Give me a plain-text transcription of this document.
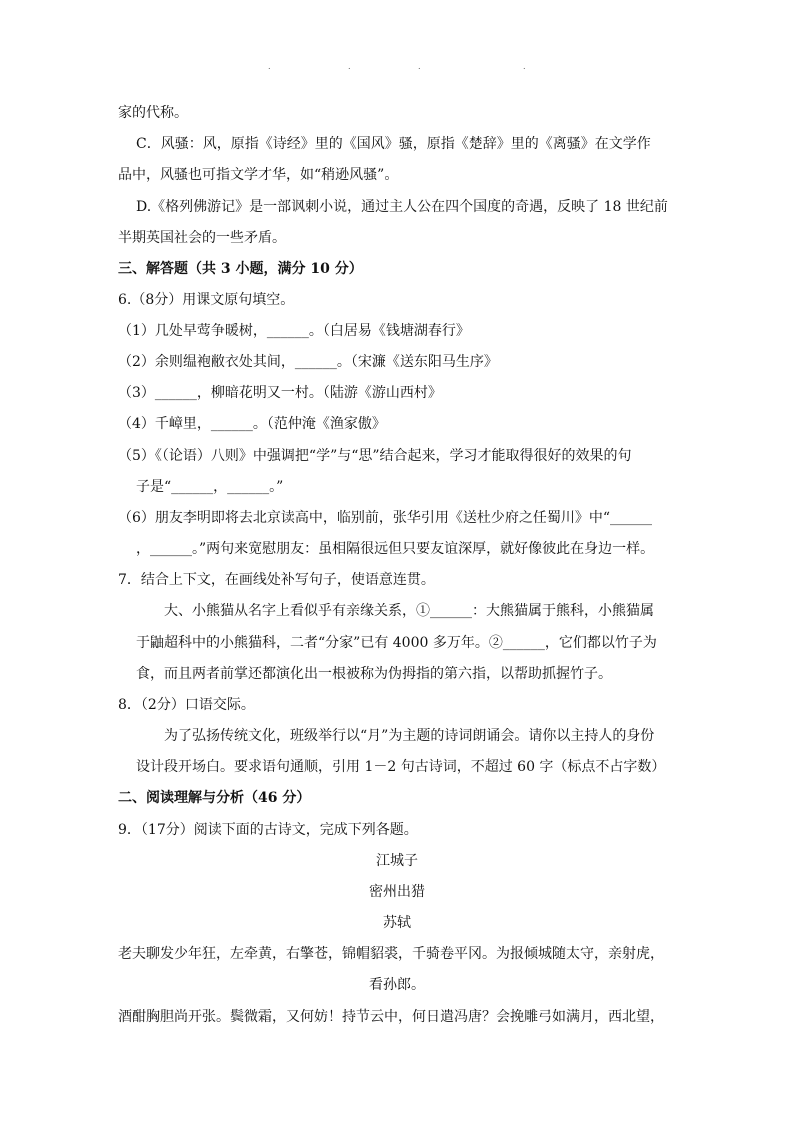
.	.	.	.
家的代称。
C．风骚：风，原指《诗经》里的《国风》骚，原指《楚辞》里的《离骚》在文学作
品中，风骚也可指文学才华，如“稍逊风骚”。
D.《格列佛游记》是一部讽刺小说，通过主人公在四个国度的奇遇，反映了 18 世纪前
半期英国社会的一些矛盾。
三、解答题（共 3 小题，满分 10 分）
6.（8分）用课文原句填空。
（1）几处早莺争暖树，______。（白居易《钱塘湖春行》
（2）余则缊袍敝衣处其间，______。（宋濂《送东阳马生序》
（3）______，柳暗花明又一村。（陆游《游山西村》
（4）千嶂里，______。（范仲淹《渔家傲》
（5）《（论语）八则》中强调把“学”与“思”结合起来，学习才能取得很好的效果的句
子是“______，______。”
（6）朋友李明即将去北京读高中，临别前，张华引用《送杜少府之任蜀川》中“______
，______。”两句来宽慰朋友：虽相隔很远但只要友谊深厚，就好像彼此在身边一样。
7．结合上下文，在画线处补写句子，使语意连贯。
大、小熊猫从名字上看似乎有亲缘关系，①______：大熊猫属于熊科，小熊猫属
于鼬超科中的小熊猫科，二者“分家”已有 4000 多万年。②______，它们都以竹子为
食，而且两者前掌还都演化出一根被称为伪拇指的第六指，以帮助抓握竹子。
8．（2分）口语交际。
为了弘扬传统文化，班级举行以“月”为主题的诗词朗诵会。请你以主持人的身份
设计段开场白。要求语句通顺，引用 1－2 句古诗词，不超过 60 字（标点不占字数）
二、阅读理解与分析（46 分）
9．（17分）阅读下面的古诗文，完成下列各题。
江城子
密州出猎
苏轼
老夫聊发少年狂，左牵黄，右擎苍，锦帽貂裘，千骑卷平冈。为报倾城随太守，亲射虎，
看孙郎。
酒酣胸胆尚开张。鬓微霜，又何妨！持节云中，何日遣冯唐？会挽雕弓如满月，西北望，
